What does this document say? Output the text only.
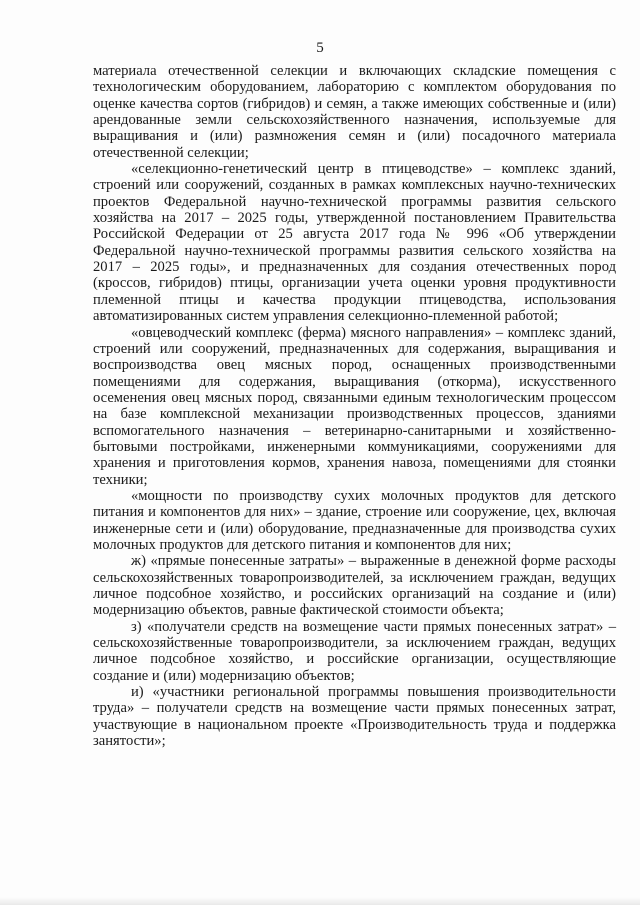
5

материала отечественной селекции и включающих складские помещения с технологическим оборудованием, лабораторию с комплектом оборудования по оценке качества сортов (гибридов) и семян, а также имеющих собственные и (или) арендованные земли сельскохозяйственного назначения, используемые для выращивания и (или) размножения семян и (или) посадочного материала отечественной селекции;

«селекционно-генетический центр в птицеводстве» – комплекс зданий, строений или сооружений, созданных в рамках комплексных научно-технических проектов Федеральной научно-технической программы развития сельского хозяйства на 2017 – 2025 годы, утвержденной постановлением Правительства Российской Федерации от 25 августа 2017 года № 996 «Об утверждении Федеральной научно-технической программы развития сельского хозяйства на 2017 – 2025 годы», и предназначенных для создания отечественных пород (кроссов, гибридов) птицы, организации учета оценки уровня продуктивности племенной птицы и качества продукции птицеводства, использования автоматизированных систем управления селекционно-племенной работой;

«овцеводческий комплекс (ферма) мясного направления» – комплекс зданий, строений или сооружений, предназначенных для содержания, выращивания и воспроизводства овец мясных пород, оснащенных производственными помещениями для содержания, выращивания (откорма), искусственного осеменения овец мясных пород, связанными единым технологическим процессом на базе комплексной механизации производственных процессов, зданиями вспомогательного назначения – ветеринарно-санитарными и хозяйственно-бытовыми постройками, инженерными коммуникациями, сооружениями для хранения и приготовления кормов, хранения навоза, помещениями для стоянки техники;

«мощности по производству сухих молочных продуктов для детского питания и компонентов для них» – здание, строение или сооружение, цех, включая инженерные сети и (или) оборудование, предназначенные для производства сухих молочных продуктов для детского питания и компонентов для них;

ж) «прямые понесенные затраты» – выраженные в денежной форме расходы сельскохозяйственных товаропроизводителей, за исключением граждан, ведущих личное подсобное хозяйство, и российских организаций на создание и (или) модернизацию объектов, равные фактической стоимости объекта;

з) «получатели средств на возмещение части прямых понесенных затрат» – сельскохозяйственные товаропроизводители, за исключением граждан, ведущих личное подсобное хозяйство, и российские организации, осуществляющие создание и (или) модернизацию объектов;

и) «участники региональной программы повышения производительности труда» – получатели средств на возмещение части прямых понесенных затрат, участвующие в национальном проекте «Производительность труда и поддержка занятости»;
